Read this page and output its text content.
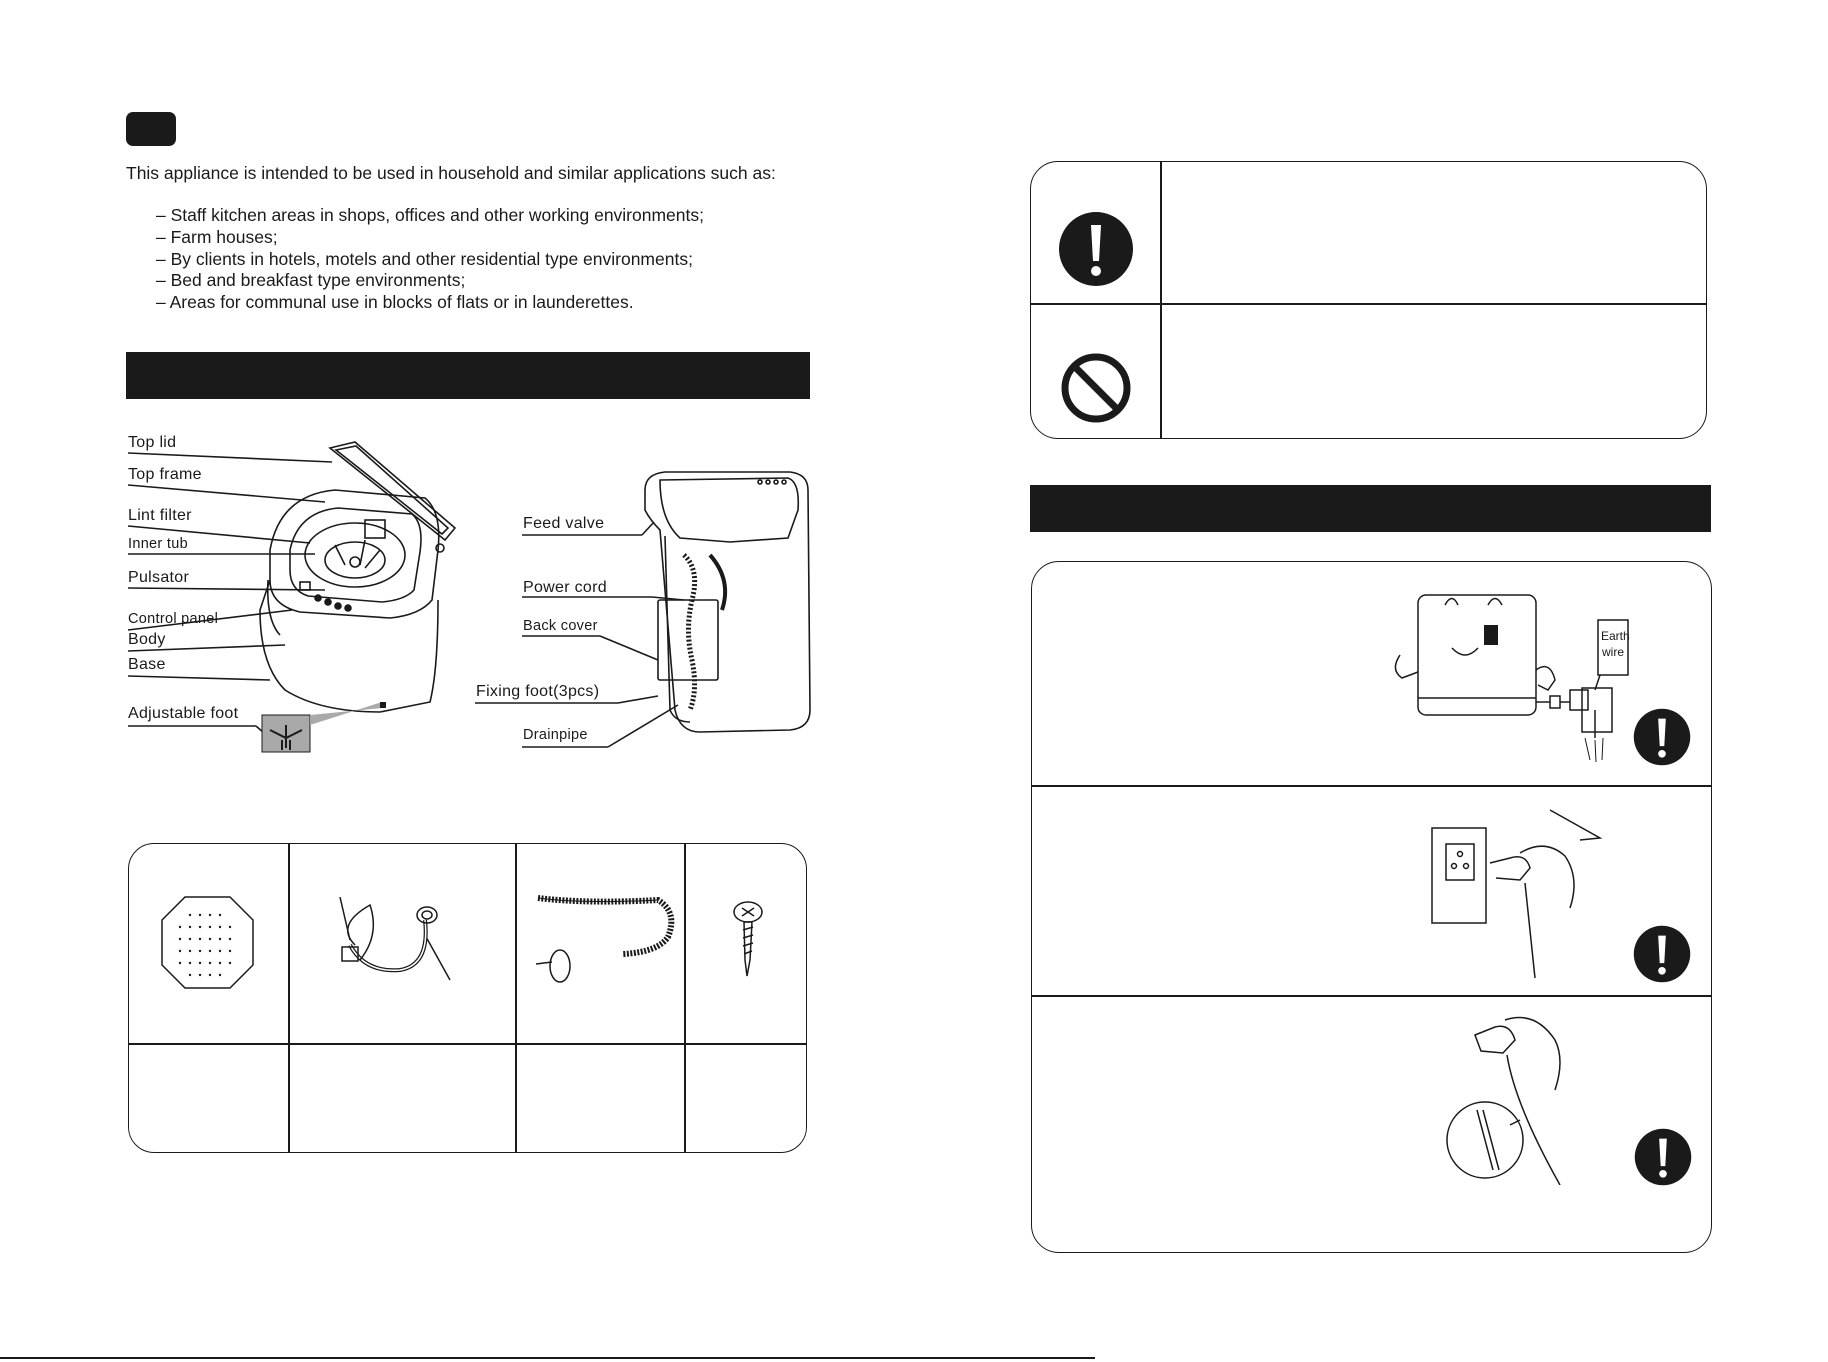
This appliance is intended to be used in household and similar applications such as:
– Staff kitchen areas in shops, offices and other working environments;
– Farm houses;
– By clients in hotels, motels and other residential type environments;
– Bed and breakfast type environments;
– Areas for communal use in blocks of flats or in launderettes.
Top lid
Top frame
Lint filter
Inner tub
Pulsator
Control panel
Body
Base
Adjustable foot
Feed valve
Power cord
Back cover
Fixing foot(3pcs)
Drainpipe
Earth
wire
